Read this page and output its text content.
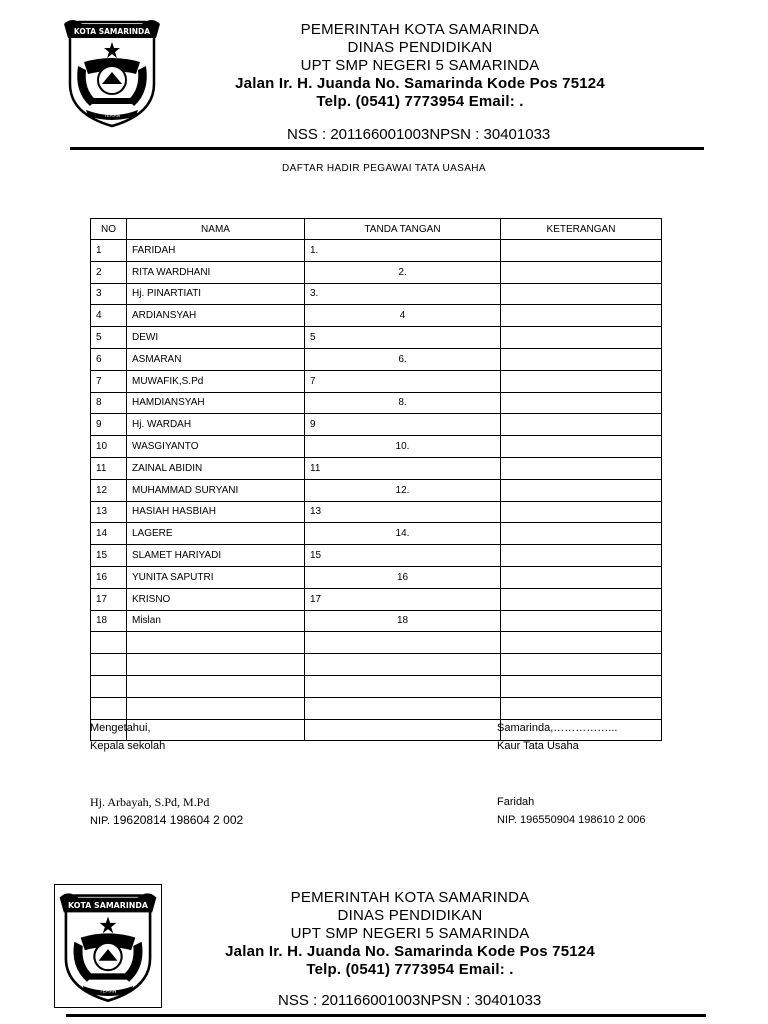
KOTA SAMARINDA
TEPIAN
PEMERINTAH KOTA SAMARINDA
DINAS PENDIDIKAN
UPT SMP NEGERI 5 SAMARINDA
Jalan Ir. H. Juanda No. Samarinda Kode Pos 75124
Telp. (0541) 7773954 Email: .
NSS : 201166001003NPSN : 30401033
DAFTAR HADIR PEGAWAI TATA UASAHA
NO	NAMA	TANDA TANGAN	KETERANGAN
1	FARIDAH	1.	
2	RITA WARDHANI	2.	
3	Hj. PINARTIATI	3.	
4	ARDIANSYAH	4	
5	DEWI	5	
6	ASMARAN	6.	
7	MUWAFIK,S.Pd	7	
8	HAMDIANSYAH	8.	
9	Hj. WARDAH	9	
10	WASGIYANTO	10.	
11	ZAINAL ABIDIN	11	
12	MUHAMMAD SURYANI	12.	
13	HASIAH HASBIAH	13	
14	LAGERE	14.	
15	SLAMET HARIYADI	15	
16	YUNITA SAPUTRI	16	
17	KRISNO	17	
18	Mislan	18	

Mengetahui,
Kepala sekolah
Hj. Arbayah, S.Pd, M.Pd
NIP. 19620814 198604 2 002
Samarinda,……………...
Kaur Tata Usaha
Faridah
NIP. 196550904 198610 2 006
KOTA SAMARINDA
TEPIAN
PEMERINTAH KOTA SAMARINDA
DINAS PENDIDIKAN
UPT SMP NEGERI 5 SAMARINDA
Jalan Ir. H. Juanda No. Samarinda Kode Pos 75124
Telp. (0541) 7773954 Email: .
NSS : 201166001003NPSN : 30401033
